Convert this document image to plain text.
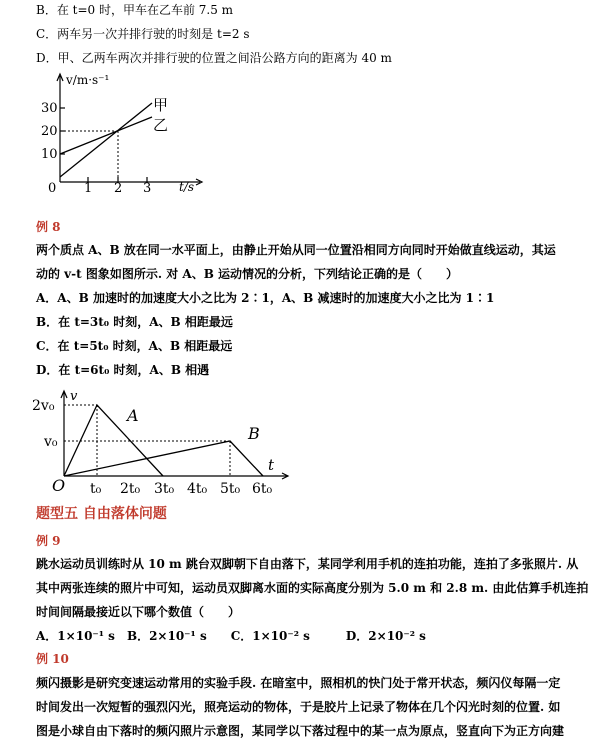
B．在 t=0 时，甲车在乙车前 7.5 m
C．两车另一次并排行驶的时刻是 t=2 s
D．甲、乙两车两次并排行驶的位置之间沿公路方向的距离为 40 m
v/m·s⁻¹
t/s
0
10
20
30
1 2 3
甲
乙
例 8
两个质点 A、B 放在同一水平面上，由静止开始从同一位置沿相同方向同时开始做直线运动，其运
动的 v-t 图象如图所示. 对 A、B 运动情况的分析，下列结论正确的是（　　）
A．A、B 加速时的加速度大小之比为 2∶1，A、B 减速时的加速度大小之比为 1∶1
B．在 t=3t₀ 时刻，A、B 相距最远
C．在 t=5t₀ 时刻，A、B 相距最远
D．在 t=6t₀ 时刻，A、B 相遇
2v₀
v₀
v
t
O t₀ 2t₀ 3t₀ 4t₀ 5t₀ 6t₀
A
B
题型五 自由落体问题
例 9
跳水运动员训练时从 10 m 跳台双脚朝下自由落下，某同学利用手机的连拍功能，连拍了多张照片. 从
其中两张连续的照片中可知，运动员双脚离水面的实际高度分别为 5.0 m 和 2.8 m. 由此估算手机连拍
时间间隔最接近以下哪个数值（　　）
A．1×10⁻¹ s　B．2×10⁻¹ s　　C．1×10⁻² s　　　D．2×10⁻² s
例 10
频闪摄影是研究变速运动常用的实验手段. 在暗室中，照相机的快门处于常开状态，频闪仪每隔一定
时间发出一次短暂的强烈闪光，照亮运动的物体，于是胶片上记录了物体在几个闪光时刻的位置. 如
图是小球自由下落时的频闪照片示意图，某同学以下落过程中的某一点为原点，竖直向下为正方向建
